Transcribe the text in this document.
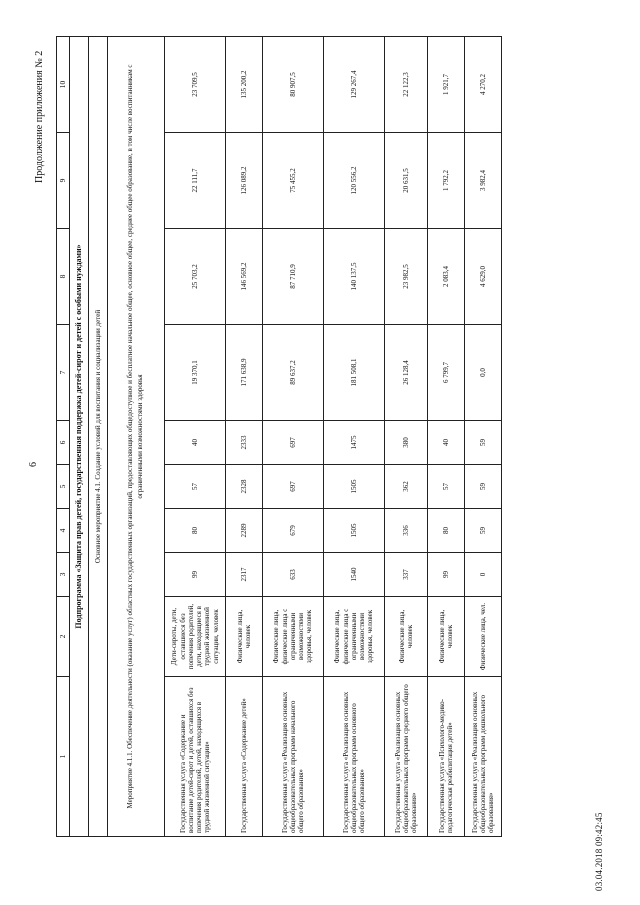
6
Продолжение приложения № 2
1	2	3	4	5	6	7	8	9	10
Подпрограмма «Защита прав детей, государственная поддержка детей-сирот и детей с особыми нуждами»									
Основное мероприятие 4.1. Создание условий для воспитания и социализации детей									
Мероприятие 4.1.1. Обеспечение деятельности (оказание услуг) областных государственных организаций, предоставляющих общедоступное и бесплатное начальное общее, основное общее, среднее общее образование, в том числе воспитанникам с ограниченными возможностями здоровья									
Государственная услуга «Содержание и воспитание детей-сирот и детей, оставшихся без попечения родителей, детей, находящихся в трудной жизненной ситуации»	Дети-сироты, дети, оставшиеся без попечения родителей, дети, находящиеся в трудной жизненной ситуации, человек	99	80	57	40	19 370,1	25 703,2	22 111,7	23 709,5
Государственная услуга «Содержание детей»	Физические лица, человек	2317	2289	2328	2333	171 638,9	146 569,2	126 089,2	135 200,2
Государственная услуга «Реализация основных общеобразовательных программ начального общего образования»	Физические лица, физические лица с ограниченными возможностями здоровья, человек	633	679	697	697	89 637,2	87 710,9	75 455,2	80 907,5
Государственная услуга «Реализация основных общеобразовательных программ основного общего образования»	Физические лица, физические лица с ограниченными возможностями здоровья, человек	1540	1505	1505	1475	181 508,1	140 137,5	120 556,2	129 267,4
Государственная услуга «Реализация основных общеобразовательных программ среднего общего образования»	Физические лица, человек	337	336	362	380	26 128,4	23 982,5	20 631,5	22 122,3
Государственная услуга «Психолого-медико-педагогическая реабилитация детей»	Физические лица, человек	99	80	57	40	6 799,7	2 083,4	1 792,2	1 921,7
Государственная услуга «Реализация основных общеобразовательных программ дошкольного образования»	Физические лица, чел.	0	59	59	59	0,0	4 629,0	3 982,4	4 270,2
03.04.2018 09:42:45
